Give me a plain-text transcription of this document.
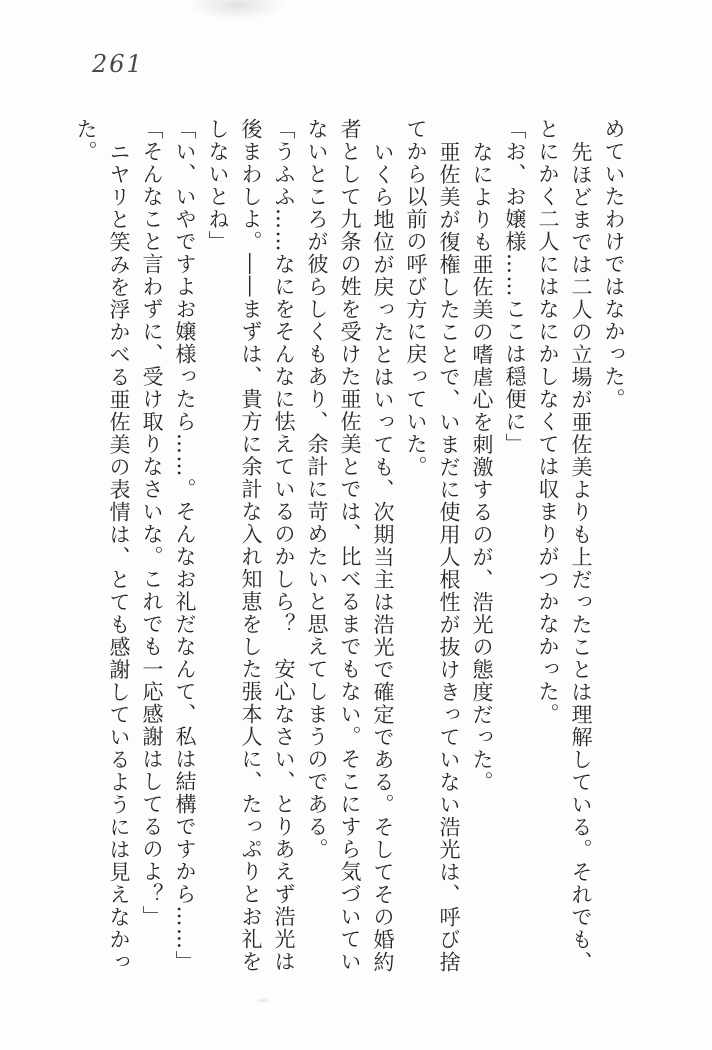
261
めていたわけではなかった。
先ほどまでは二人の立場が亜佐美よりも上だったことは理解している。それでも、
とにかく二人にはなにかしなくては収まりがつかなかった。
「お、お嬢様……ここは穏便に」
なによりも亜佐美の嗜虐心を刺激するのが、浩光の態度だった。
亜佐美が復権したことで、いまだに使用人根性が抜けきっていない浩光は、呼び捨
てから以前の呼び方に戻っていた。
いくら地位が戻ったとはいっても、次期当主は浩光で確定である。そしてその婚約
者として九条の姓を受けた亜佐美とでは、比べるまでもない。そこにすら気づいてい
ないところが彼らしくもあり、余計に苛めたいと思えてしまうのである。
「うふふ……なにをそんなに怯えているのかしら？　安心なさい、とりあえず浩光は
後まわしよ。――まずは、貴方に余計な入れ知恵をした張本人に、たっぷりとお礼を
しないとね」
「い、いやですよお嬢様ったら……。そんなお礼だなんて、私は結構ですから……」
「そんなこと言わずに、受け取りなさいな。これでも一応感謝はしてるのよ？」
ニヤリと笑みを浮かべる亜佐美の表情は、とても感謝しているようには見えなかっ
た。
